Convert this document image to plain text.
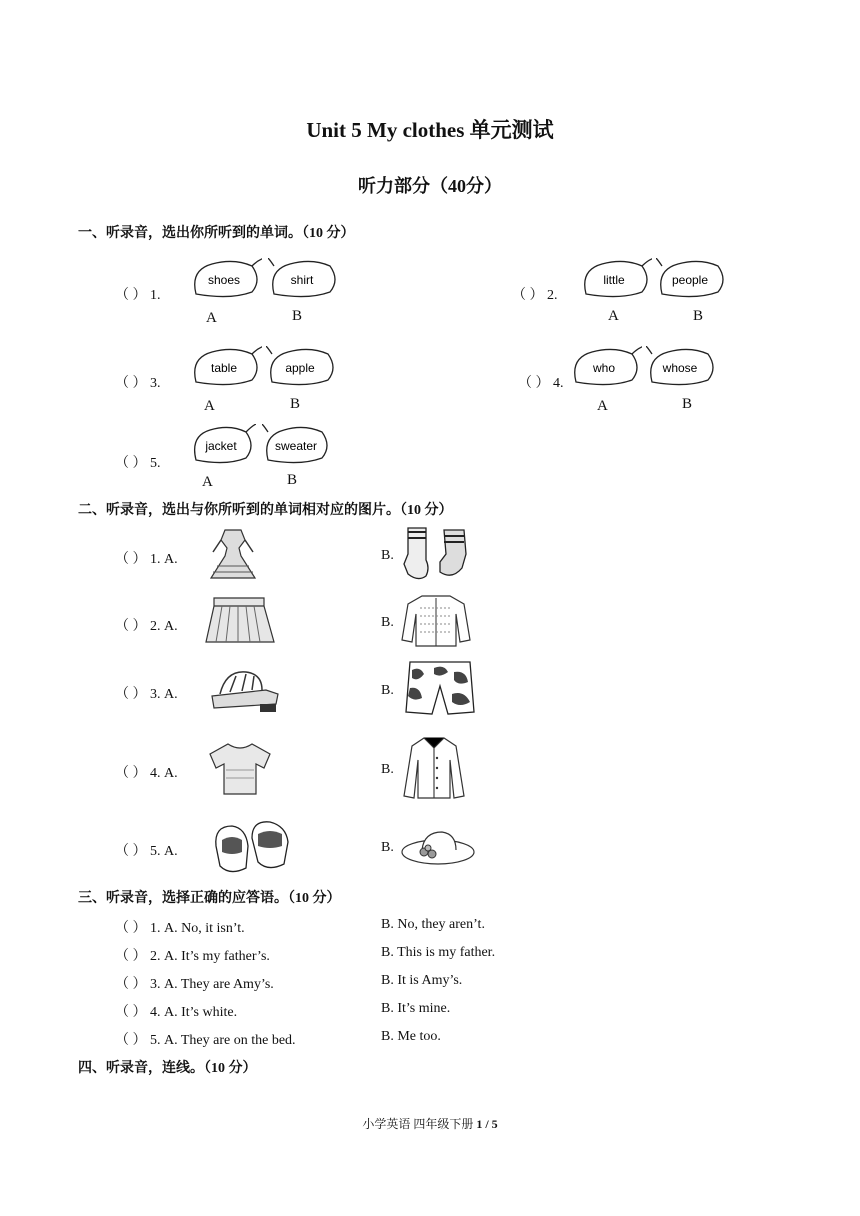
Unit 5 My clothes 单元测试
听力部分（40分）
一、听录音，选出你所听到的单词。（10 分）
（ ） 1.
shoes
A
shirt
B
（ ） 2.
little
A
people
B
（ ） 3.
table
A
apple
B
（ ） 4.
who
A
whose
B
（ ） 5.
jacket
A
sweater
B
二、听录音，选出与你所听到的单词相对应的图片。（10 分）
（ ） 1. A.	B.
（ ） 2. A.	B.
（ ） 3. A.	B.
（ ） 4. A.	B.
（ ） 5. A.	B.
三、听录音，选择正确的应答语。（10 分）
（ ） 1. A. No, it isn’t.	B. No, they aren’t.
（ ） 2. A. It’s my father’s.	B. This is my father.
（ ） 3. A. They are Amy’s.	B. It is Amy’s.
（ ） 4. A. It’s white.	B. It’s mine.
（ ） 5. A. They are on the bed.	B. Me too.
四、听录音，连线。（10 分）
小学英语 四年级下册 1 / 5
